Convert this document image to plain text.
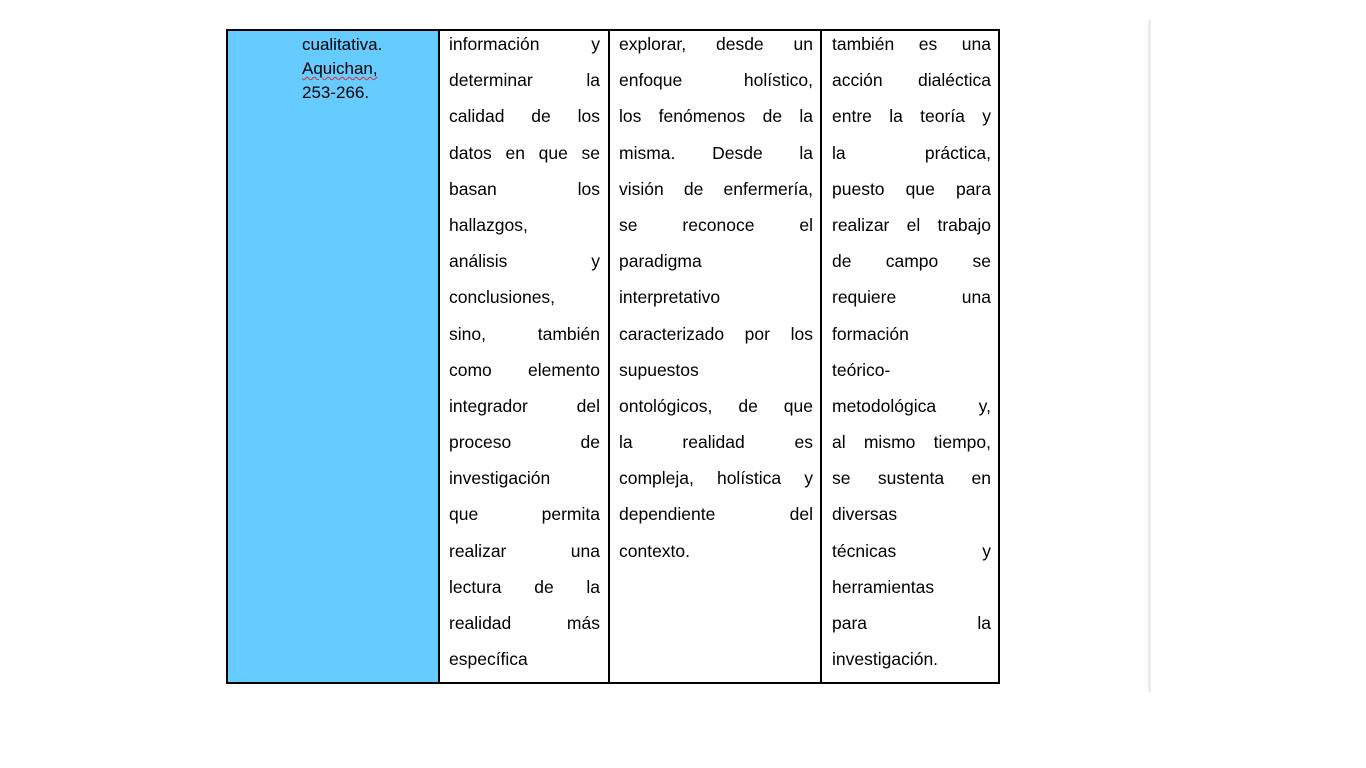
cualitativa.
Aquichan,
253-266.
información y
determinar la
calidad de los
datos en que se
basan los
hallazgos,
análisis y
conclusiones,
sino, también
como elemento
integrador del
proceso de
investigación
que permita
realizar una
lectura de la
realidad más
específica
explorar, desde un
enfoque holístico,
los fenómenos de la
misma. Desde la
visión de enfermería,
se reconoce el
paradigma
interpretativo
caracterizado por los
supuestos
ontológicos, de que
la realidad es
compleja, holística y
dependiente del
contexto.
también es una
acción dialéctica
entre la teoría y
la práctica,
puesto que para
realizar el trabajo
de campo se
requiere una
formación
teórico-
metodológica y,
al mismo tiempo,
se sustenta en
diversas
técnicas y
herramientas
para la
investigación.
